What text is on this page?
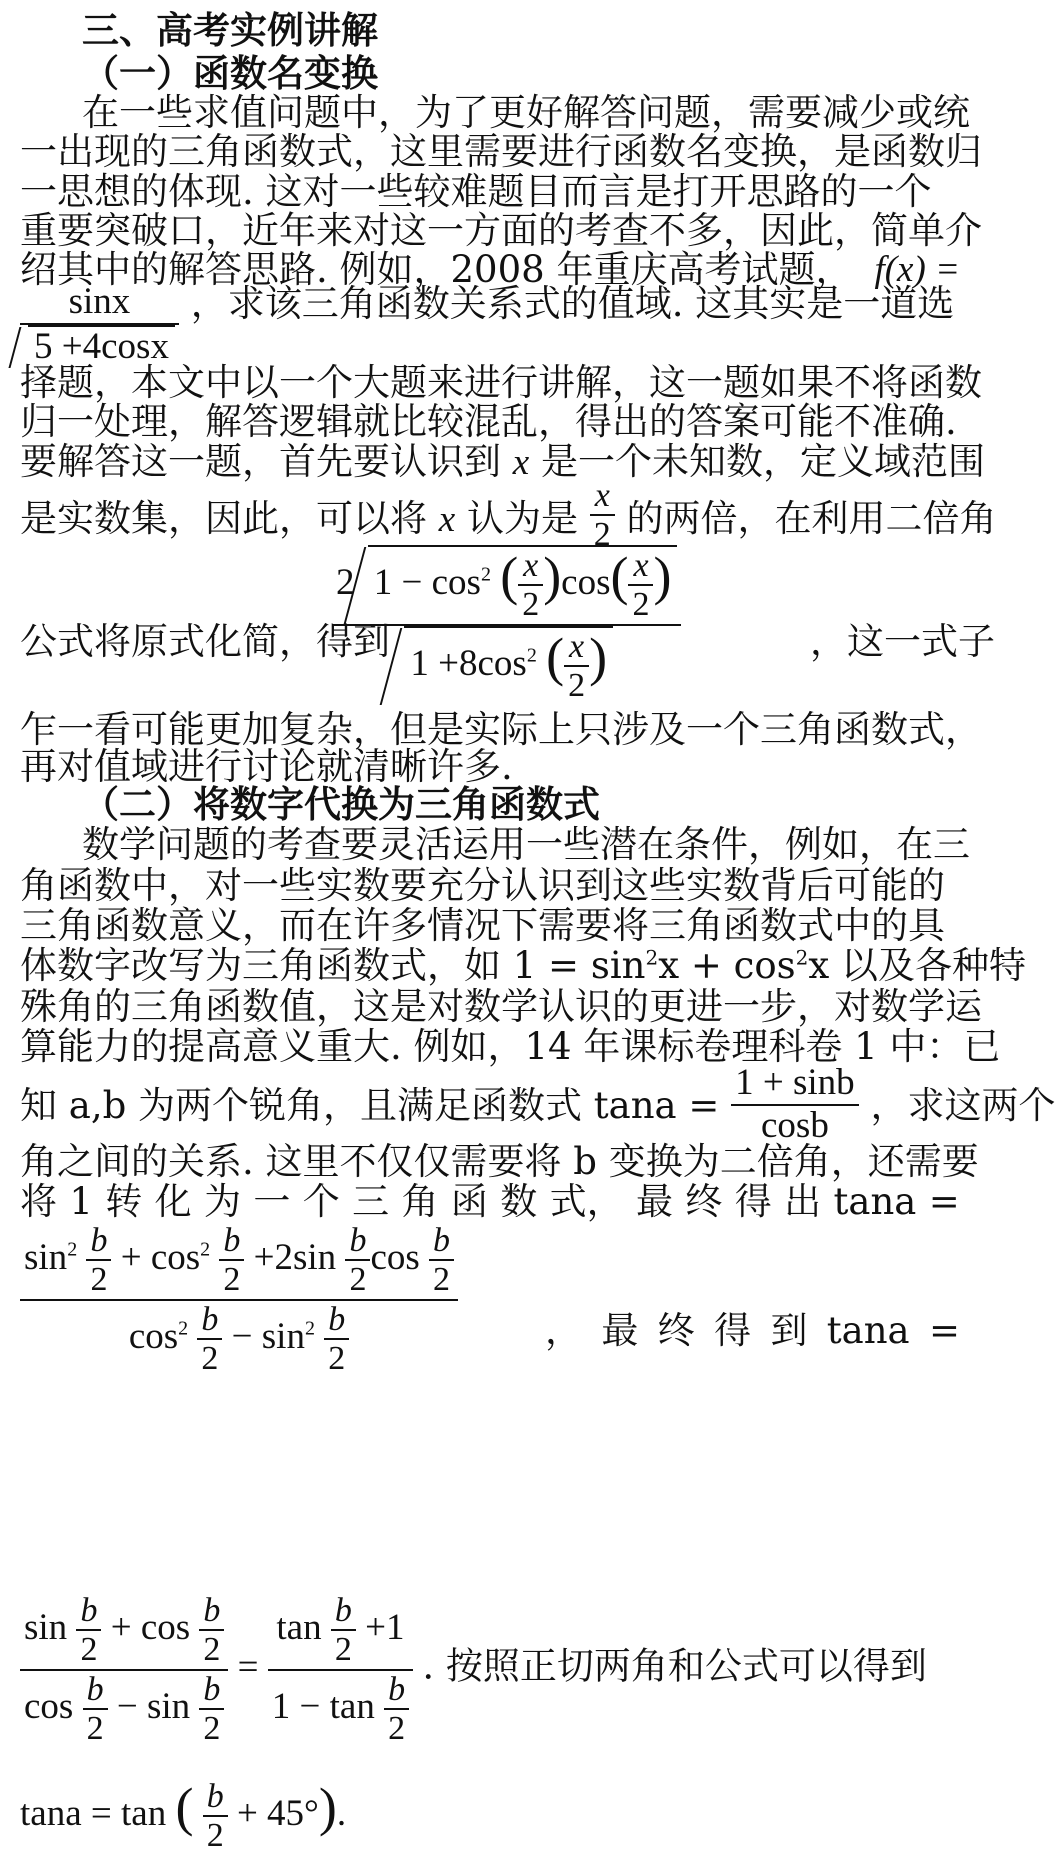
三、高考实例讲解
（一）函数名变换
在一些求值问题中，为了更好解答问题，需要减少或统
一出现的三角函数式，这里需要进行函数名变换，是函数归
一思想的体现. 这对一些较难题目而言是打开思路的一个
重要突破口，近年来对这一方面的考查不多，因此，简单介
绍其中的解答思路. 例如，2008 年重庆高考试题， f(x) =
$\frac{\sin x}{5 +4\cos x}$ ，求该三角函数关系式的值域. 这其实是一道选
择题，本文中以一个大题来进行讲解，这一题如果不将函数
归一处理，解答逻辑就比较混乱，得出的答案可能不准确.
要解答这一题，首先要认识到 x 是一个未知数，定义域范围
是实数集，因此，可以将 x 认为是 $\frac{x}{2}$ 的两倍，在利用二倍角
公式将原式化简，得到
2 $1 - \cos^2$ ( $\frac{x}{2} )\cos( \frac{x}{2}$ )
$1 +8\cos^2$ ( $\frac{x}{2}$ )	，这一式子
乍一看可能更加复杂，但是实际上只涉及一个三角函数式，
再对值域进行讨论就清晰许多.
（二）将数字代换为三角函数式
数学问题的考查要灵活运用一些潜在条件，例如，在三
角函数中，对一些实数要充分认识到这些实数背后可能的
三角函数意义，而在许多情况下需要将三角函数式中的具
体数字改写为三角函数式，如 $1 = \sin^2x + \cos^2x$ 以及各种特
殊角的三角函数值，这是对数学认识的更进一步，对数学运
算能力的提高意义重大. 例如，14 年课标卷理科卷 1 中：已
知 a,b 为两个锐角，且满足函数式 $\tan a = \frac{1 + \sin b}{\cos b}$ ，求这两个
角之间的关系. 这里不仅仅需要将 b 变换为二倍角，还需要
将 1 转 化 为 一 个 三 角 函 数 式， 最 终 得 出 tana =
$\sin^2 \frac{b}{2} + \cos^2 \frac{b}{2} +2\sin \frac{b}{2}$ $\cos \frac{b}{2}$
$\cos^2 \frac{b}{2} - \sin^2 \frac{b}{2}$	， 最 终 得 到 tana =
$\frac{\sin \frac{b}{2} + \cos \frac{b}{2}}{\cos \frac{b}{2} - \sin \frac{b}{2}} = \frac{\tan \frac{b}{2} +1}{1 - \tan \frac{b}{2}}$ . 按照正切两角和公式可以得到
tana = tan ( $\frac{b}{2} + 45^\circ$).
